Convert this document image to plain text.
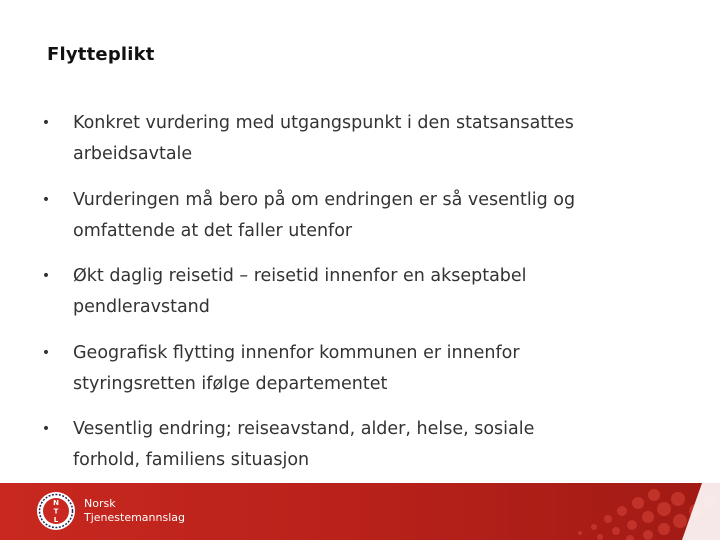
Flytteplikt
• Konkret vurdering med utgangspunkt i den statsansattes
arbeidsavtale
• Vurderingen må bero på om endringen er så vesentlig og
omfattende at det faller utenfor
• Økt daglig reisetid – reisetid innenfor en akseptabel
pendleravstand
• Geografisk flytting innenfor kommunen er innenfor
styringsretten ifølge departementet
• Vesentlig endring; reiseavstand, alder, helse, sosiale
forhold, familiens situasjon
N
T
L
Norsk
Tjenestemannslag
